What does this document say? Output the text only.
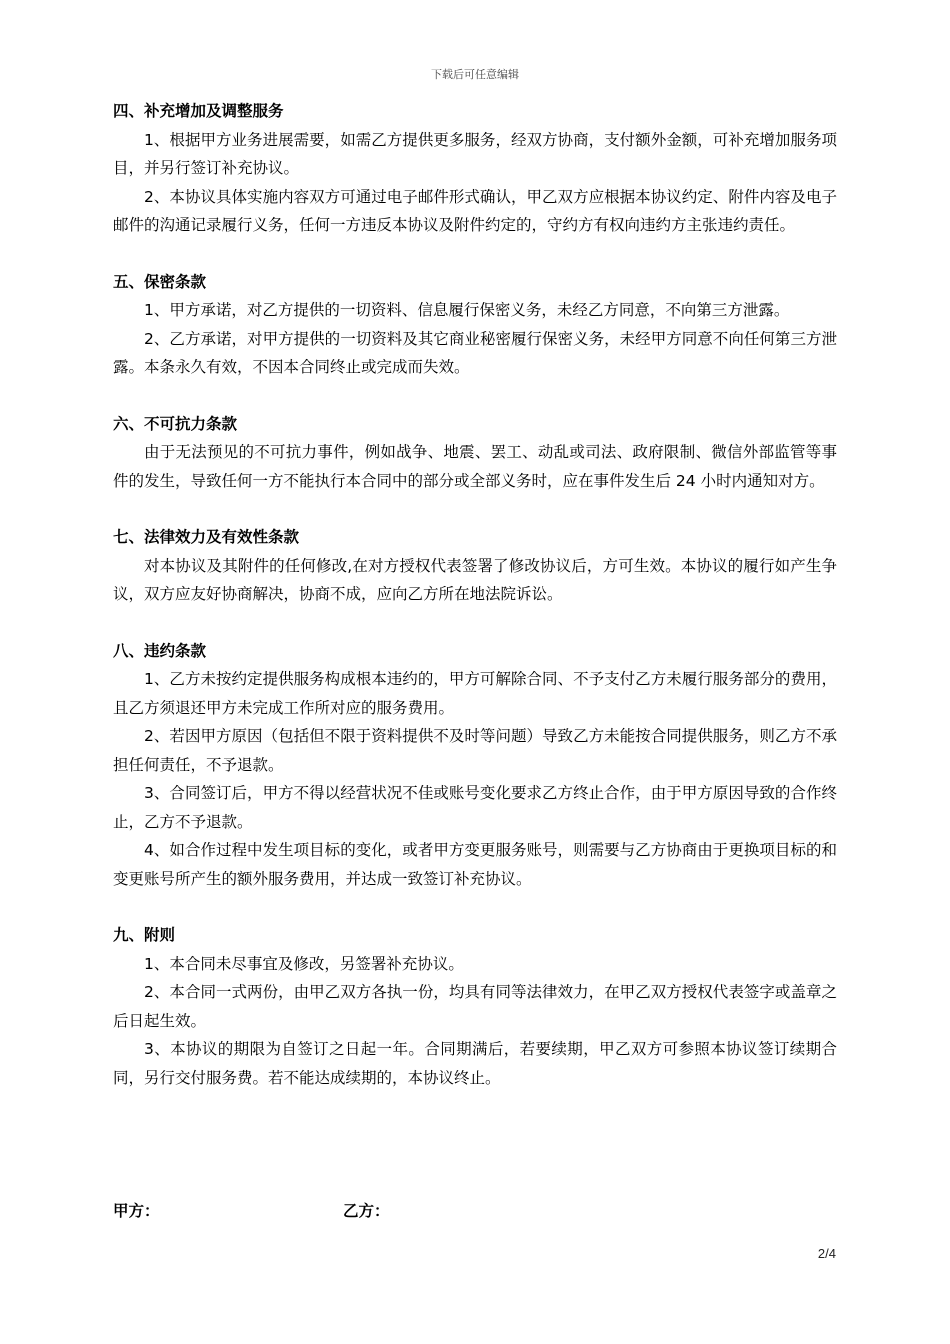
下载后可任意编辑
四、补充增加及调整服务
1、根据甲方业务进展需要，如需乙方提供更多服务，经双方协商，支付额外金额，可补充增加服务项目，并另行签订补充协议。
2、本协议具体实施内容双方可通过电子邮件形式确认，甲乙双方应根据本协议约定、附件内容及电子邮件的沟通记录履行义务，任何一方违反本协议及附件约定的，守约方有权向违约方主张违约责任。
五、保密条款
1、甲方承诺，对乙方提供的一切资料、信息履行保密义务，未经乙方同意，不向第三方泄露。
2、乙方承诺，对甲方提供的一切资料及其它商业秘密履行保密义务，未经甲方同意不向任何第三方泄露。本条永久有效，不因本合同终止或完成而失效。
六、不可抗力条款
由于无法预见的不可抗力事件，例如战争、地震、罢工、动乱或司法、政府限制、微信外部监管等事件的发生，导致任何一方不能执行本合同中的部分或全部义务时，应在事件发生后 24 小时内通知对方。
七、法律效力及有效性条款
对本协议及其附件的任何修改,在对方授权代表签署了修改协议后，方可生效。本协议的履行如产生争议，双方应友好协商解决，协商不成，应向乙方所在地法院诉讼。
八、违约条款
1、乙方未按约定提供服务构成根本违约的，甲方可解除合同、不予支付乙方未履行服务部分的费用，且乙方须退还甲方未完成工作所对应的服务费用。
2、若因甲方原因（包括但不限于资料提供不及时等问题）导致乙方未能按合同提供服务，则乙方不承担任何责任，不予退款。
3、合同签订后，甲方不得以经营状况不佳或账号变化要求乙方终止合作，由于甲方原因导致的合作终止，乙方不予退款。
4、如合作过程中发生项目标的变化，或者甲方变更服务账号，则需要与乙方协商由于更换项目标的和变更账号所产生的额外服务费用，并达成一致签订补充协议。
九、附则
1、本合同未尽事宜及修改，另签署补充协议。
2、本合同一式两份，由甲乙双方各执一份，均具有同等法律效力，在甲乙双方授权代表签字或盖章之后日起生效。
3、本协议的期限为自签订之日起一年。合同期满后，若要续期，甲乙双方可参照本协议签订续期合同，另行交付服务费。若不能达成续期的，本协议终止。
甲方：	乙方：
2/4
